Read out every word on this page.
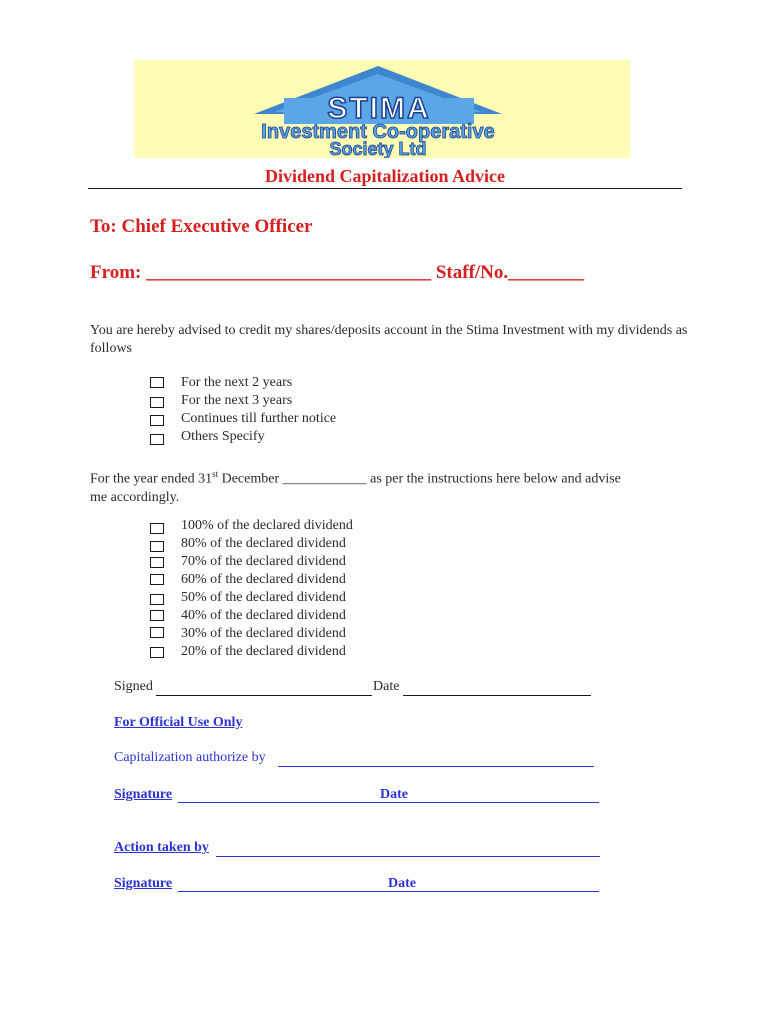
STIMA
Investment Co-operative
Society Ltd
Dividend Capitalization Advice
To: Chief Executive Officer
From: ______________________________ Staff/No.________
You are hereby advised to credit my shares/deposits account in the Stima Investment with my dividends as follows
For the next 2 years
For the next 3 years
Continues till further notice
Others Specify
For the year ended 31st December ____________ as per the instructions here below and advise
me accordingly.
100% of the declared dividend
80% of the declared dividend
70% of the declared dividend
60% of the declared dividend
50% of the declared dividend
40% of the declared dividend
30% of the declared dividend
20% of the declared dividend
Signed	Date
For Official Use Only
Capitalization authorize by
Signature	Date
Action taken by
Signature	Date
